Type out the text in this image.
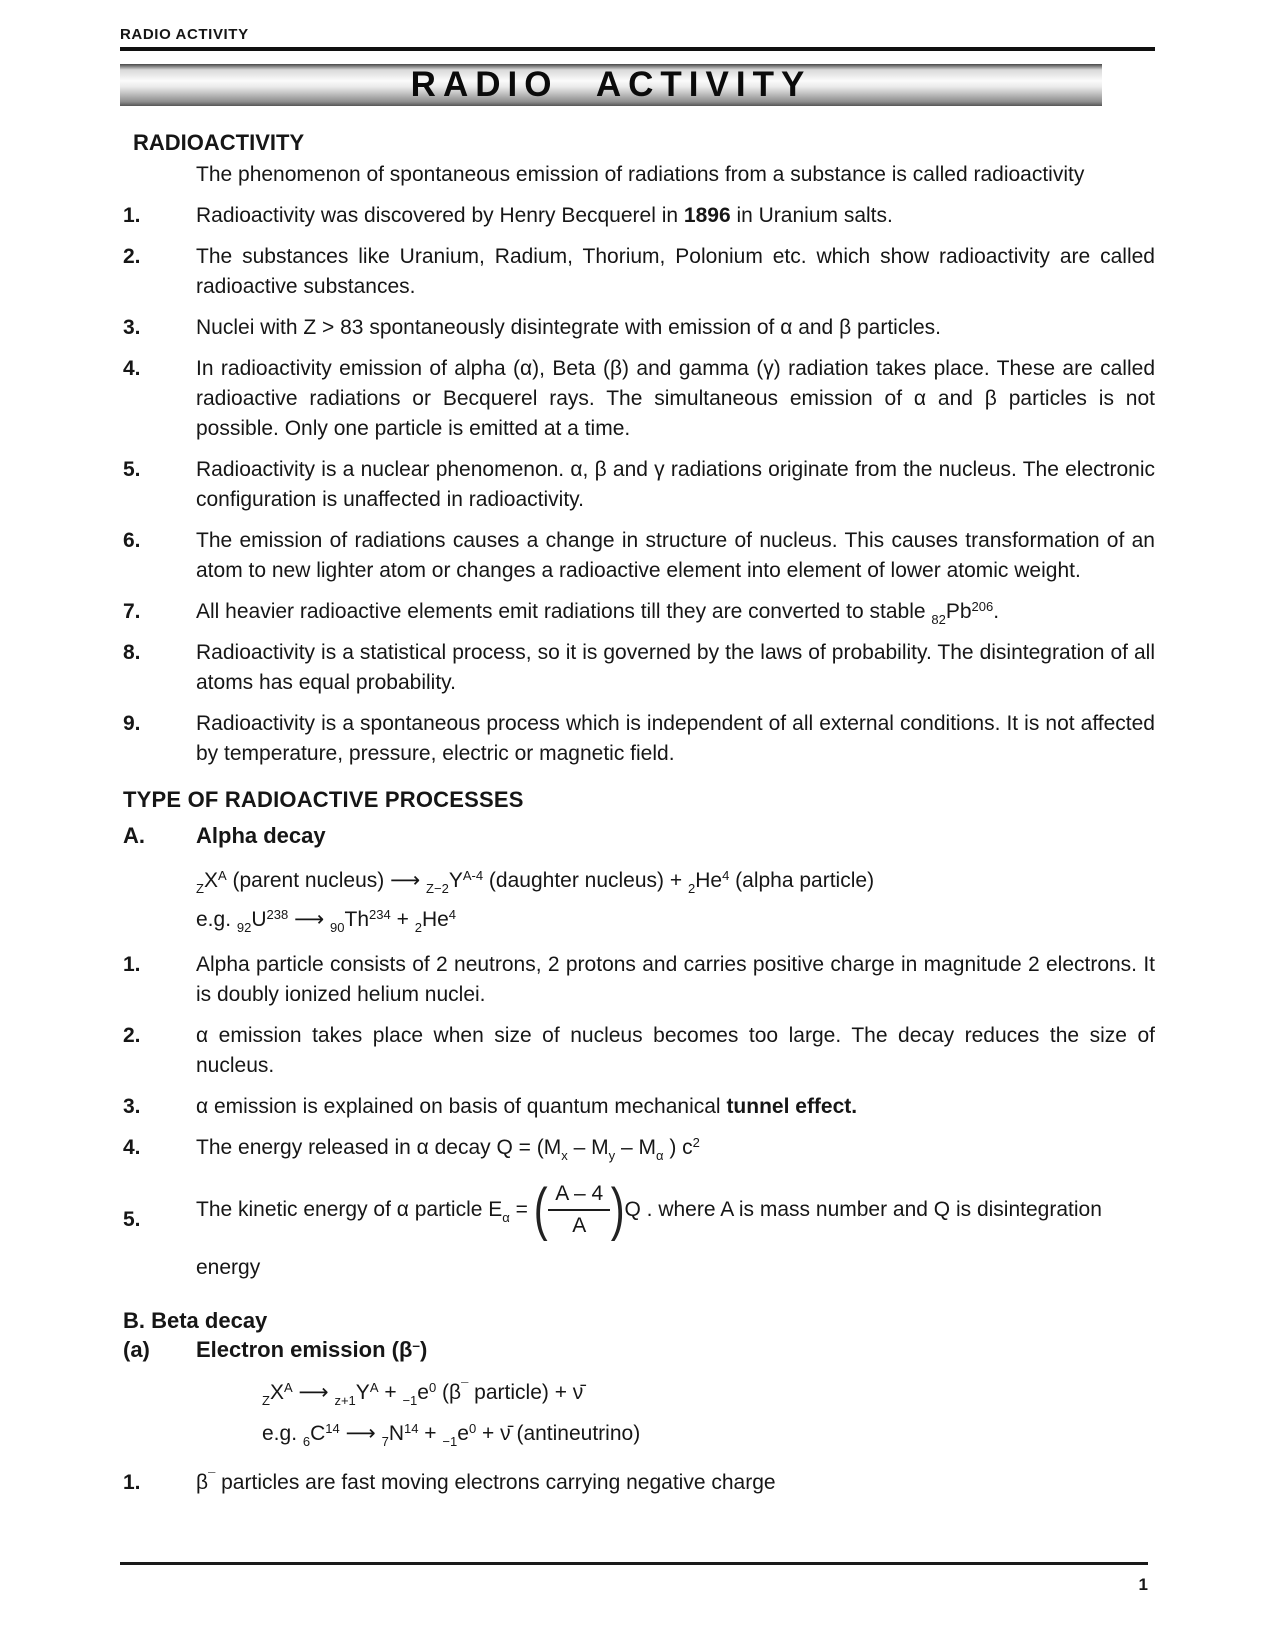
RADIO ACTIVITY
RADIO ACTIVITY
RADIOACTIVITY
The phenomenon of spontaneous emission of radiations from a substance is called radioactivity
1.	Radioactivity was discovered by Henry Becquerel in 1896 in Uranium salts.
2.	The substances like Uranium, Radium, Thorium, Polonium etc. which show radioactivity are called radioactive substances.
3.	Nuclei with Z > 83 spontaneously disintegrate with emission of α and β particles.
4.	In radioactivity emission of alpha (α), Beta (β) and gamma (γ) radiation takes place. These are called radioactive radiations or Becquerel rays. The simultaneous emission of α and β particles is not possible. Only one particle is emitted at a time.
5.	Radioactivity is a nuclear phenomenon. α, β and γ radiations originate from the nucleus. The electronic configuration is unaffected in radioactivity.
6.	The emission of radiations causes a change in structure of nucleus. This causes transformation of an atom to new lighter atom or changes a radioactive element into element of lower atomic weight.
7.	All heavier radioactive elements emit radiations till they are converted to stable $_{82}Pb^{206}$.
8.	Radioactivity is a statistical process, so it is governed by the laws of probability. The disintegration of all atoms has equal probability.
9.	Radioactivity is a spontaneous process which is independent of all external conditions. It is not affected by temperature, pressure, electric or magnetic field.
TYPE OF RADIOACTIVE PROCESSES
A.	Alpha decay
$_ZX^A$ (parent nucleus) ⟶ $_{Z-2}Y^{A-4}$ (daughter nucleus) + $_2He^4$ (alpha particle)
e.g. $_{92}U^{238}$ ⟶ $_{90}Th^{234} + _2He^4$
1.	Alpha particle consists of 2 neutrons, 2 protons and carries positive charge in magnitude 2 electrons. It is doubly ionized helium nuclei.
2.	α emission takes place when size of nucleus becomes too large. The decay reduces the size of nucleus.
3.	α emission is explained on basis of quantum mechanical tunnel effect.
4.	The energy released in α decay $Q = (M_x - M_y - M_\alpha$ ) $c^2$
5.	The kinetic energy of α particle $E_\alpha$ = ( $\frac{A - 4}{A}$ ) Q . where A is mass number and Q is disintegration
energy
B. Beta decay
(a)	Electron emission (β–)
$_ZX^A$ ⟶ $_{z+1}Y^A + _{-1}e^0$ (β¯ particle) + ν̄
e.g. $_6C^{14}$ ⟶ $_7N^{14} + _{-1}e^0$ + ν̄ (antineutrino)
1.	β¯ particles are fast moving electrons carrying negative charge
1
